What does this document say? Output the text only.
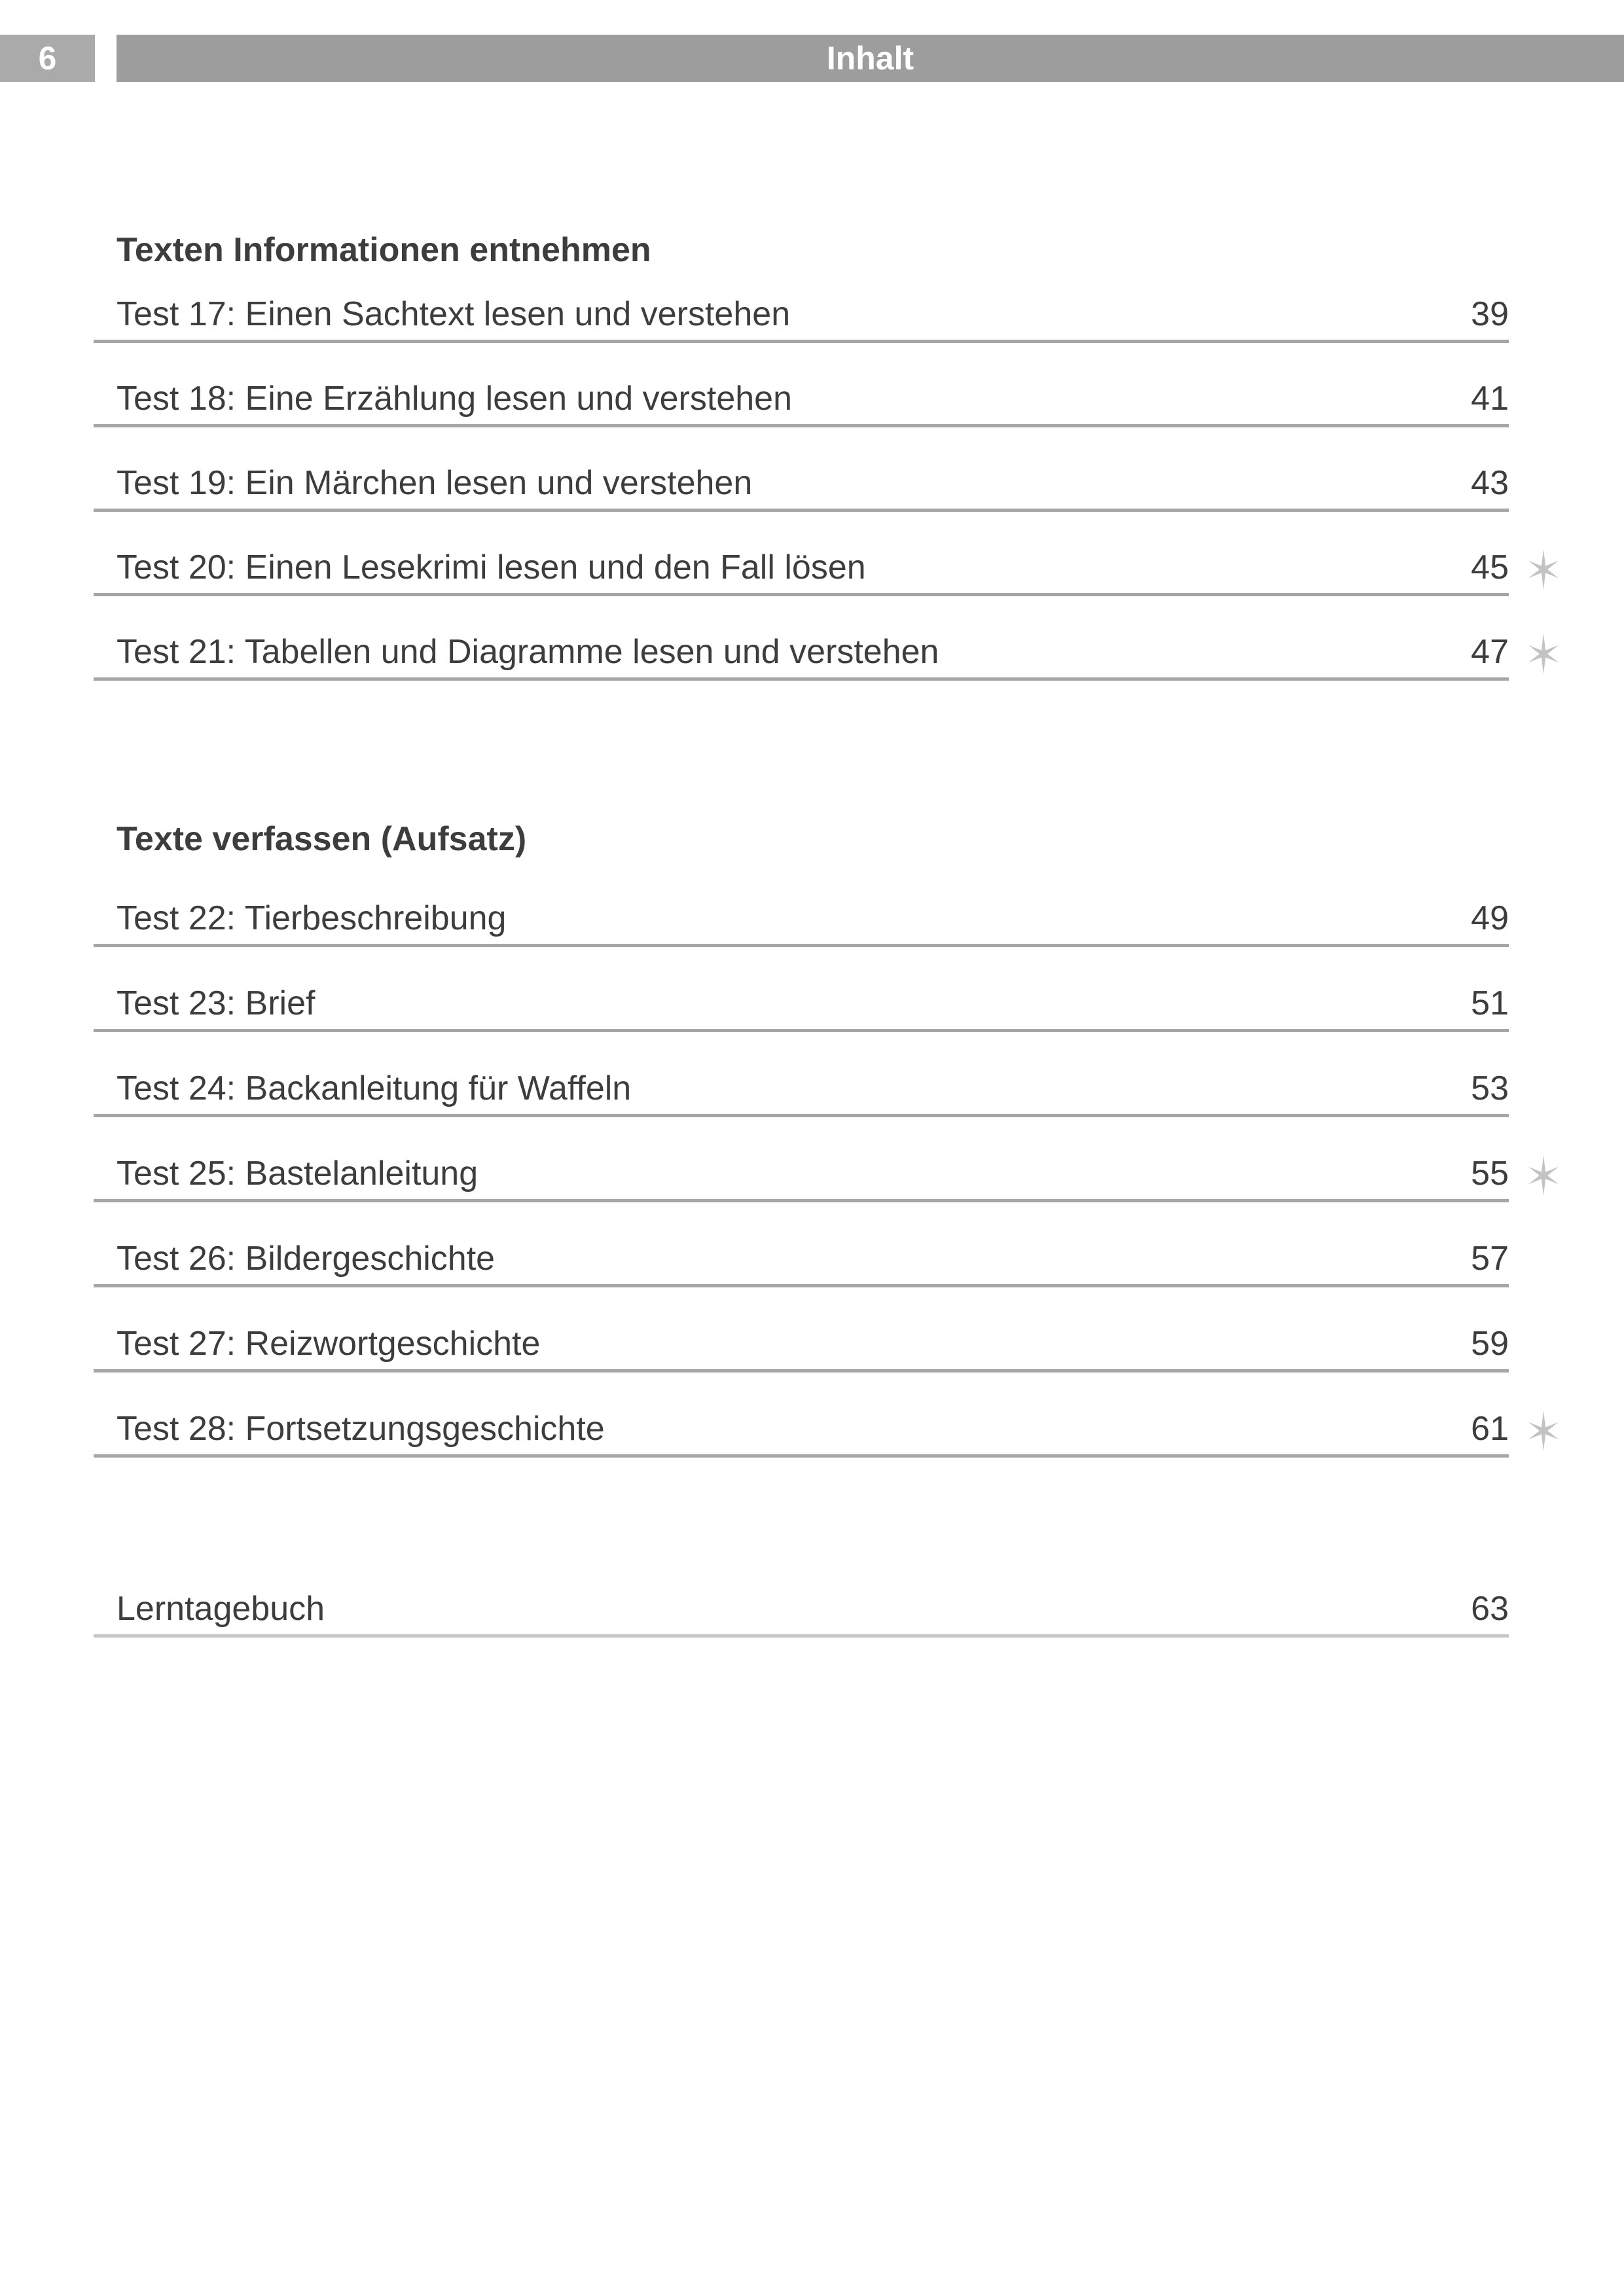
6	Inhalt
Texten Informationen entnehmen
Test 17: Einen Sachtext lesen und verstehen	39
Test 18: Eine Erzählung lesen und verstehen	41
Test 19: Ein Märchen lesen und verstehen	43
Test 20: Einen Lesekrimi lesen und den Fall lösen	45
Test 21: Tabellen und Diagramme lesen und verstehen	47
Texte verfassen (Aufsatz)
Test 22: Tierbeschreibung	49
Test 23: Brief	51
Test 24: Backanleitung für Waffeln	53
Test 25: Bastelanleitung	55
Test 26: Bildergeschichte	57
Test 27: Reizwortgeschichte	59
Test 28: Fortsetzungsgeschichte	61
Lerntagebuch	63
